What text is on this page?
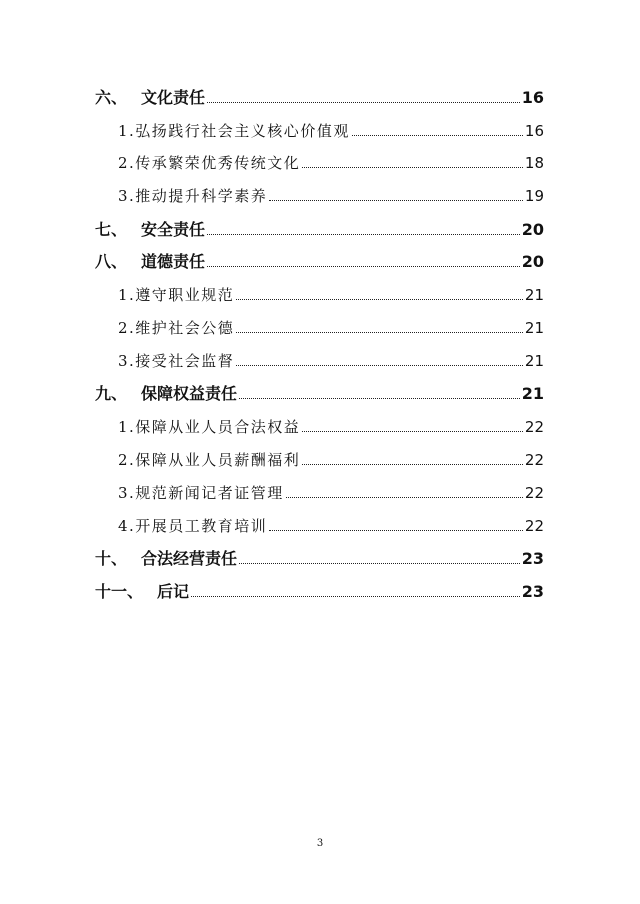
六、 文化责任	16
1.弘扬践行社会主义核心价值观	16
2.传承繁荣优秀传统文化	18
3.推动提升科学素养	19
七、 安全责任	20
八、 道德责任	20
1.遵守职业规范	21
2.维护社会公德	21
3.接受社会监督	21
九、 保障权益责任	21
1.保障从业人员合法权益	22
2.保障从业人员薪酬福利	22
3.规范新闻记者证管理	22
4.开展员工教育培训	22
十、 合法经营责任	23
十一、 后记	23
3
